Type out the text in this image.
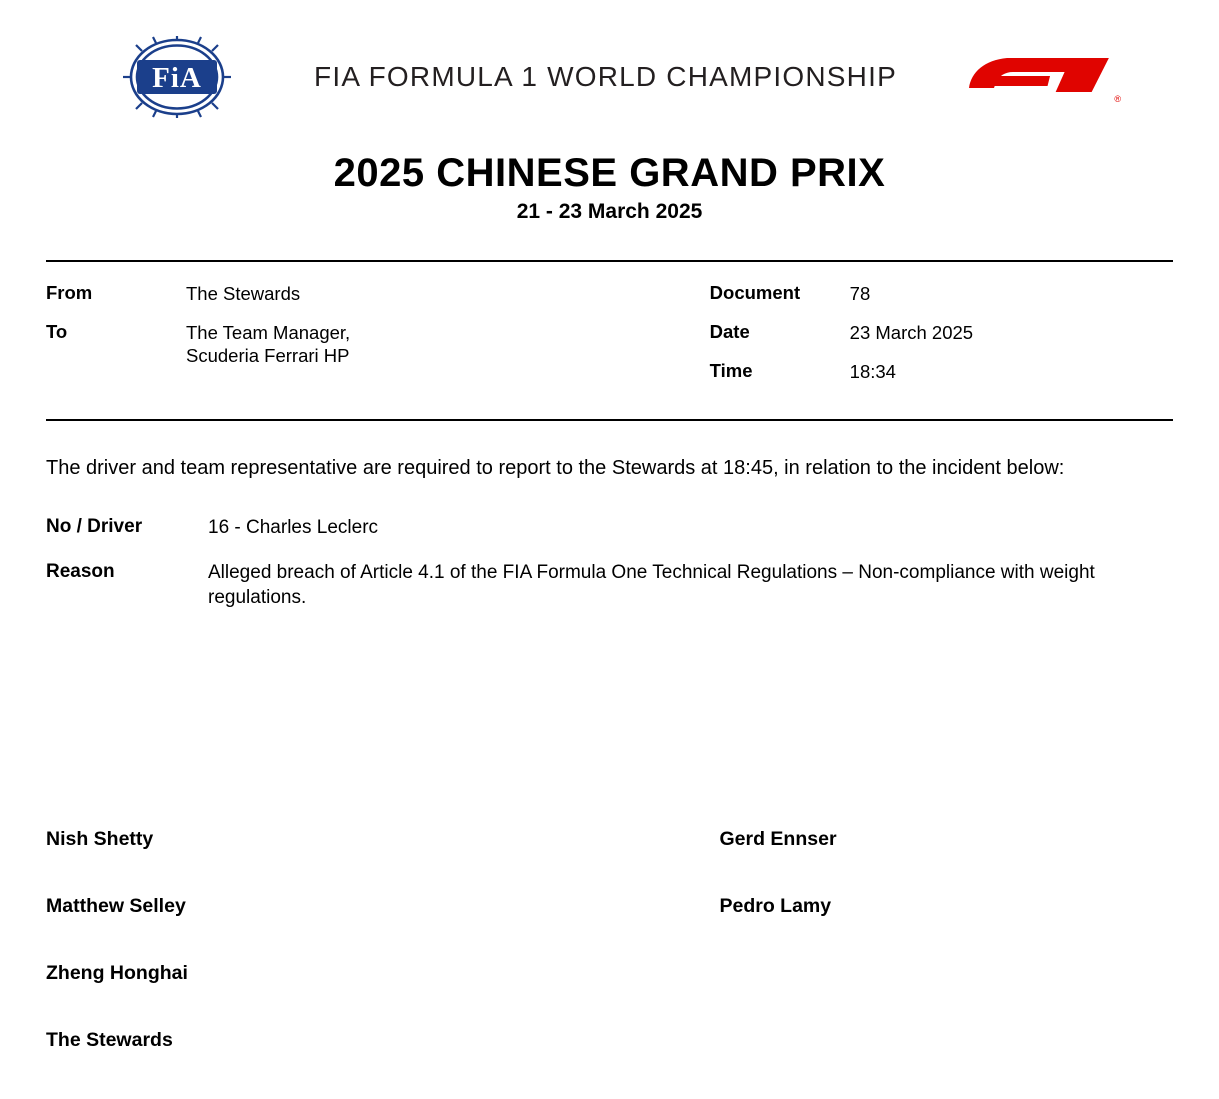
FiA	FIA FORMULA 1 WORLD CHAMPIONSHIP
®
2025 CHINESE GRAND PRIX
21 - 23 March 2025
From	The Stewards
To	The Team Manager,
Scuderia Ferrari HP
Document	78
Date	23 March 2025
Time	18:34

The driver and team representative are required to report to the Stewards at 18:45, in relation to the incident below:

No / Driver	16 - Charles Leclerc
Reason	Alleged breach of Article 4.1 of the FIA Formula One Technical Regulations – Non-compliance with weight regulations.
Nish Shetty	Gerd Ennser
Matthew Selley	Pedro Lamy
Zheng Honghai
The Stewards
